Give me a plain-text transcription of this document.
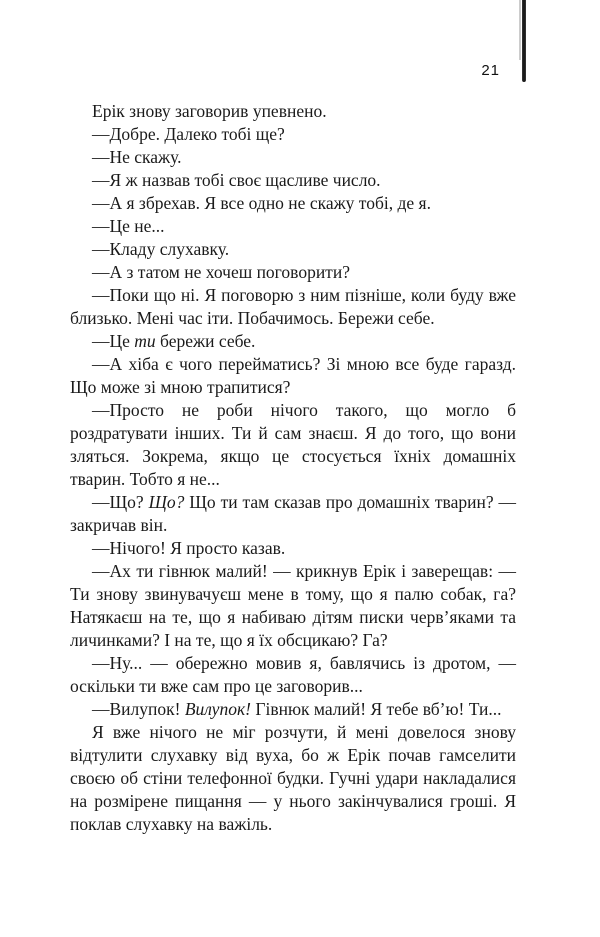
21

Ерік знову заговорив упевнено.

—Добре. Далеко тобі ще?

—Не скажу.

—Я ж назвав тобі своє щасливе число.

—А я збрехав. Я все одно не скажу тобі, де я.

—Це не...

—Кладу слухавку.

—А з татом не хочеш поговорити?

—Поки що ні. Я поговорю з ним пізніше, коли буду вже близько. Мені час іти. Побачимось. Бережи себе.

—Це ти бережи себе.

—А хіба є чого перейматись? Зі мною все буде гаразд. Що може зі мною трапитися?

—Просто не роби нічого такого, що могло б роздратувати інших. Ти й сам знаєш. Я до того, що вони злятьcя. Зокрема, якщо це стосується їхніх домашніх тварин. Тобто я не...

—Що? Що? Що ти там сказав про домашніх тварин? — закричав він.

—Нічого! Я просто казав.

—Ах ти гівнюк малий! — крикнув Ерік і заверещав: — Ти знову звинувачуєш мене в тому, що я палю собак, га? Натякаєш на те, що я набиваю дітям писки черв’яками та личинками? І на те, що я їх обсцикаю? Га?

—Ну... — обережно мовив я, бавлячись із дротом, — оскільки ти вже сам про це заговорив...

—Вилупок! Вилупок! Гівнюк малий! Я тебе вб’ю! Ти...

Я вже нічого не міг розчути, й мені довелося знову відтулити слухавку від вуха, бо ж Ерік почав гамселити своєю об стіни телефонної будки. Гучні удари накладалися на розмірене пищання — у нього закінчувалися гроші. Я поклав слухавку на важіль.
